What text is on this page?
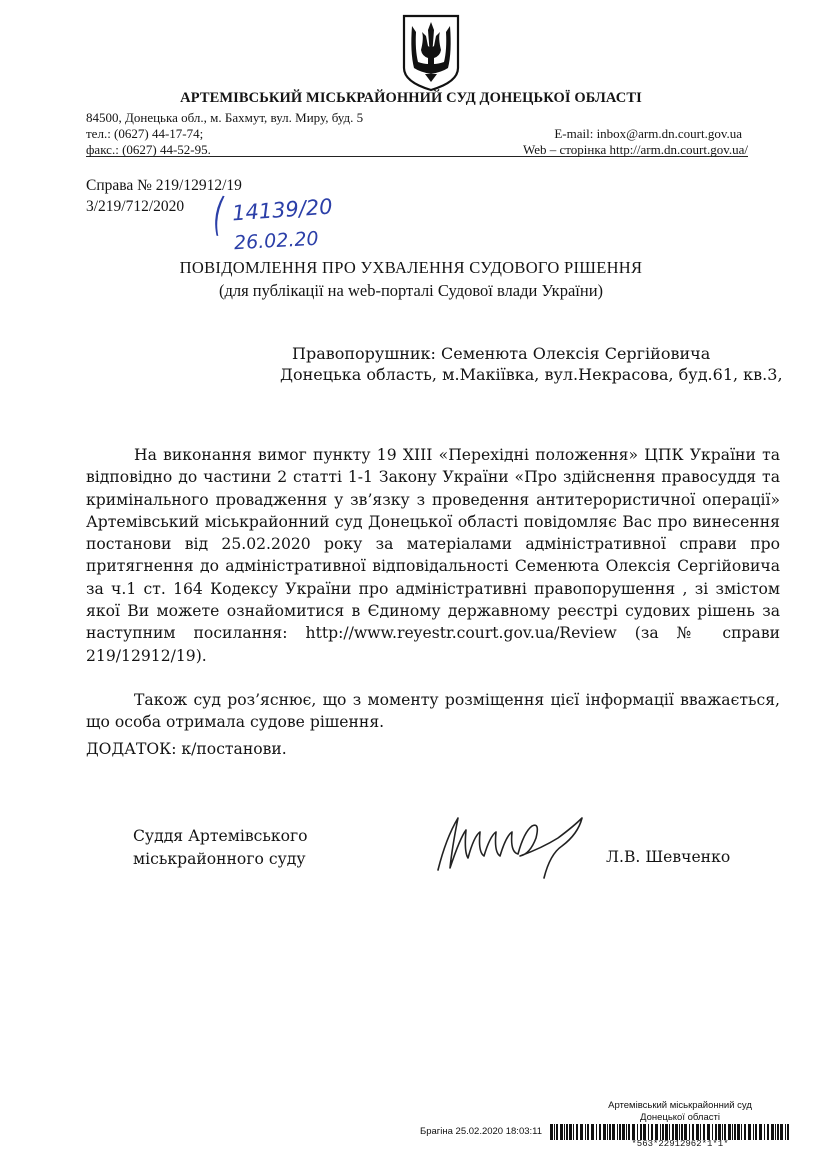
АРТЕМІВСЬКИЙ МІСЬКРАЙОННИЙ СУД ДОНЕЦЬКОЇ ОБЛАСТІ
84500, Донецька обл., м. Бахмут, вул. Миру, буд. 5
тел.: (0627) 44-17-74;
факс.: (0627) 44-52-95.
E-mail: inbox@arm.dn.court.gov.ua
Web – сторінка http://arm.dn.court.gov.ua/
Справа № 219/12912/19
3/219/712/2020 ( 14139/20
26.02.20
ПОВІДОМЛЕННЯ ПРО УХВАЛЕННЯ СУДОВОГО РІШЕННЯ
(для публікації на web-порталі Судової влади України)
Правопорушник: Семенюта Олексія Сергійовича
Донецька область, м.Макіївка, вул.Некрасова, буд.61, кв.3,

На виконання вимог пункту 19 XIII «Перехідні положення» ЦПК України та відповідно до частини 2 статті 1-1 Закону України «Про здійснення правосуддя та кримінального провадження у зв’язку з проведення антитерористичної операції» Артемівський міськрайонний суд Донецької області повідомляє Вас про винесення постанови від 25.02.2020 року за матеріалами адміністративної справи про притягнення до адміністративної відповідальності Семенюта Олексія Сергійовича за ч.1 ст. 164 Кодексу України про адміністративні правопорушення , зі змістом якої Ви можете ознайомитися в Єдиному державному реєстрі судових рішень за наступним посилання: http://www.reyestr.court.gov.ua/Review (за № справи 219/12912/19).

Також суд роз’яснює, що з моменту розміщення цієї інформації вважається, що особа отримала судове рішення.

ДОДАТОК: к/постанови.
Суддя Артемівського
міськрайонного суду	Л.В. Шевченко
Артемівський міськрайонний суд
Донецької області
Брагіна 25.02.2020 18:03:11
*563*22912962*1*1*
